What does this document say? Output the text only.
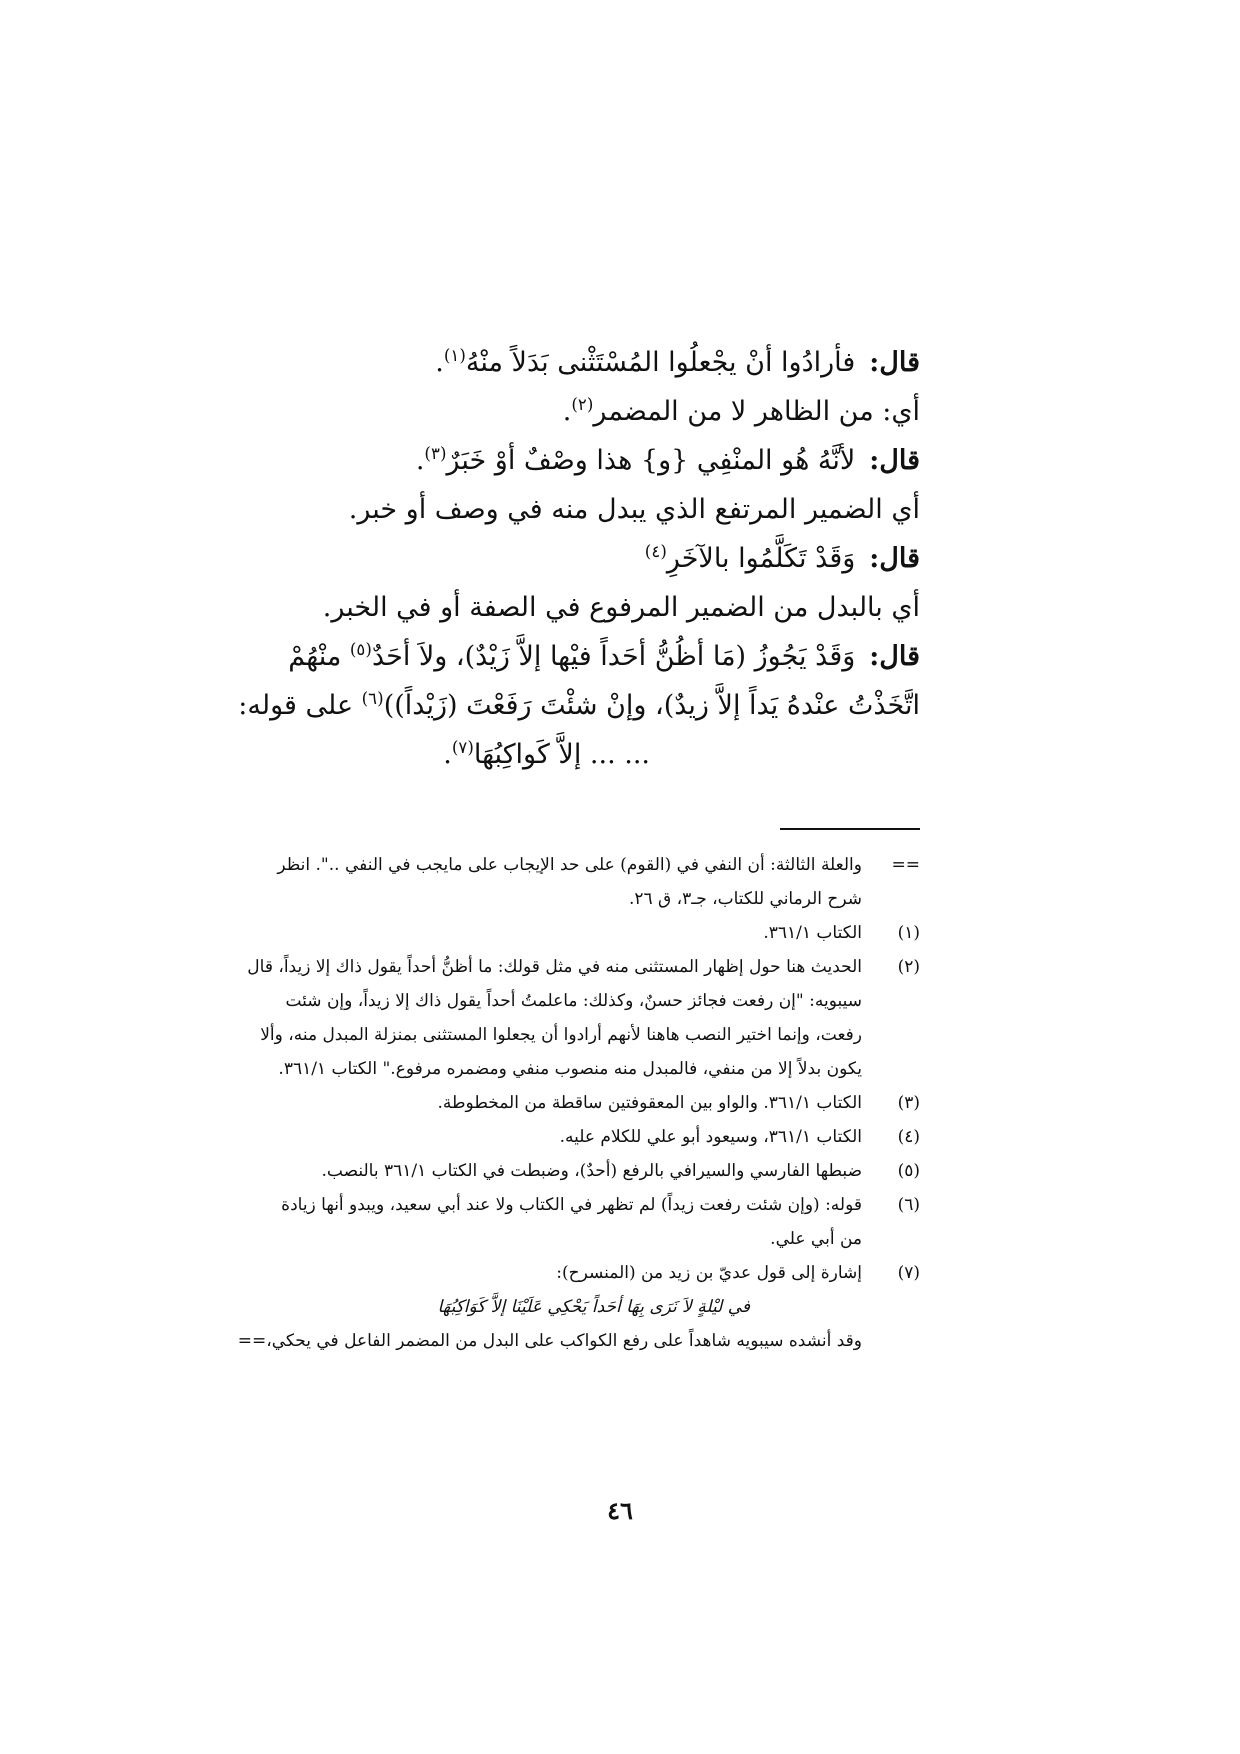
قال:فأرادُوا أنْ يجْعلُوا المُسْتَثْنى بَدَلاً منْهُ$^{(١)}$.
أي: من الظاهر لا من المضمر$^{(٢)}$.
قال:لأنَّهُ هُو المنْفِي {و} هذا وصْفٌ أوْ خَبَرٌ$^{(٣)}$.
أي الضمير المرتفع الذي يبدل منه في وصف أو خبر.
قال:وَقَدْ تَكَلَّمُوا بالآخَرِ$^{(٤)}$
أي بالبدل من الضمير المرفوع في الصفة أو في الخبر.
قال:وَقَدْ يَجُوزُ (مَا أظُنُّ أحَداً فيْها إلاَّ زَيْدٌ)، ولاَ أحَدٌ$^{(٥)}$ منْهُمْ
اتَّخَذْتُ عنْدهُ يَداً إلاَّ زيدٌ)، وإنْ شئْتَ رَفَعْتَ (زَيْداً))$^{(٦)}$ على قوله:
... ... إلاَّ كَواكِبُهَا$^{(٧)}$.
==والعلة الثالثة: أن النفي في (القوم) على حد الإيجاب على مايجب في النفي ..". انظر
شرح الرماني للكتاب، جـ٣، ق ٢٦.
(١)الكتاب ٣٦١/١.
(٢)الحديث هنا حول إظهار المستثنى منه في مثل قولك: ما أظنُّ أحداً يقول ذاك إلا زيداً، قال
سيبويه: "إن رفعت فجائز حسنٌ، وكذلك: ماعلمتُ أحداً يقول ذاك إلا زيداً، وإن شئت
رفعت، وإنما اختير النصب هاهنا لأنهم أرادوا أن يجعلوا المستثنى بمنزلة المبدل منه، وألا
يكون بدلاً إلا من منفي، فالمبدل منه منصوب منفي ومضمره مرفوع." الكتاب ٣٦١/١.
(٣)الكتاب ٣٦١/١. والواو بين المعقوفتين ساقطة من المخطوطة.
(٤)الكتاب ٣٦١/١، وسيعود أبو علي للكلام عليه.
(٥)ضبطها الفارسي والسيرافي بالرفع (أحدٌ)، وضبطت في الكتاب ٣٦١/١ بالنصب.
(٦)قوله: (وإن شئت رفعت زيداً) لم تظهر في الكتاب ولا عند أبي سعيد، ويبدو أنها زيادة
من أبي علي.
(٧)إشارة إلى قول عديّ بن زيد من (المنسرح):
في ليْلةٍ لاَ نَرَى بِهَا أحَداً يَحْكِي عَلَيْنَا إلاَّ كَوَاكِبُهَا
وقد أنشده سيبويه شاهداً على رفع الكواكب على البدل من المضمر الفاعل في يحكي،==
٤٦
